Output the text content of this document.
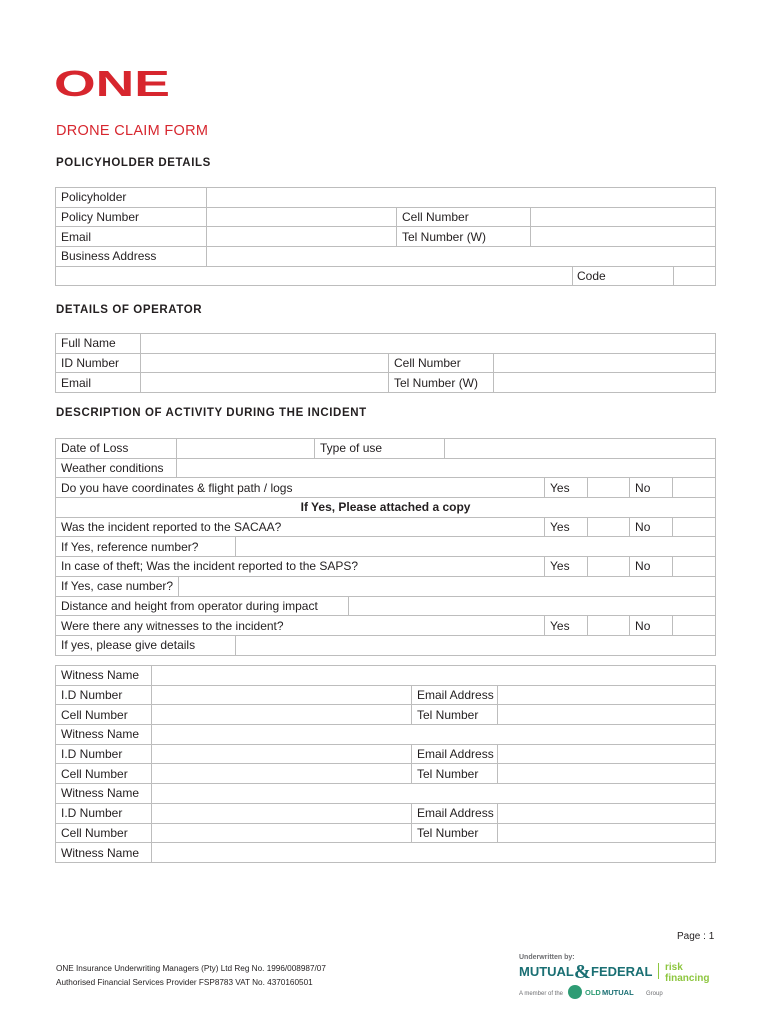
ONE
DRONE CLAIM FORM
POLICYHOLDER DETAILS
Policyholder					
Policy Number		Cell Number			
Email		Tel Number (W)			
Business Address					
				Code	
DETAILS OF OPERATOR
Full Name			
ID Number		Cell Number	
Email		Tel Number (W)	
DESCRIPTION OF ACTIVITY DURING THE INCIDENT
Date of Loss				Type of use						
Weather conditions										
Do you have coordinates & flight path / logs							Yes		No	
If Yes, Please attached a copy										
Was the incident reported to the SACAA?							Yes		No	
If Yes, reference number?										
In case of theft; Was the incident reported to the SAPS?							Yes		No	
If Yes, case number?										
Distance and height from operator during impact										
Were there any witnesses to the incident?							Yes		No	
If yes, please give details										
Witness Name			
I.D Number		Email Address	
Cell Number		Tel Number	
Witness Name			
I.D Number		Email Address	
Cell Number		Tel Number	
Witness Name			
I.D Number		Email Address	
Cell Number		Tel Number	
Witness Name			
Page : 1
ONE Insurance Underwriting Managers (Pty) Ltd Reg No. 1996/008987/07
Authorised Financial Services Provider FSP8783 VAT No. 4370160501
Underwritten by:
MUTUAL & FEDERAL risk
financing
A member of the	OLD MUTUAL Group
